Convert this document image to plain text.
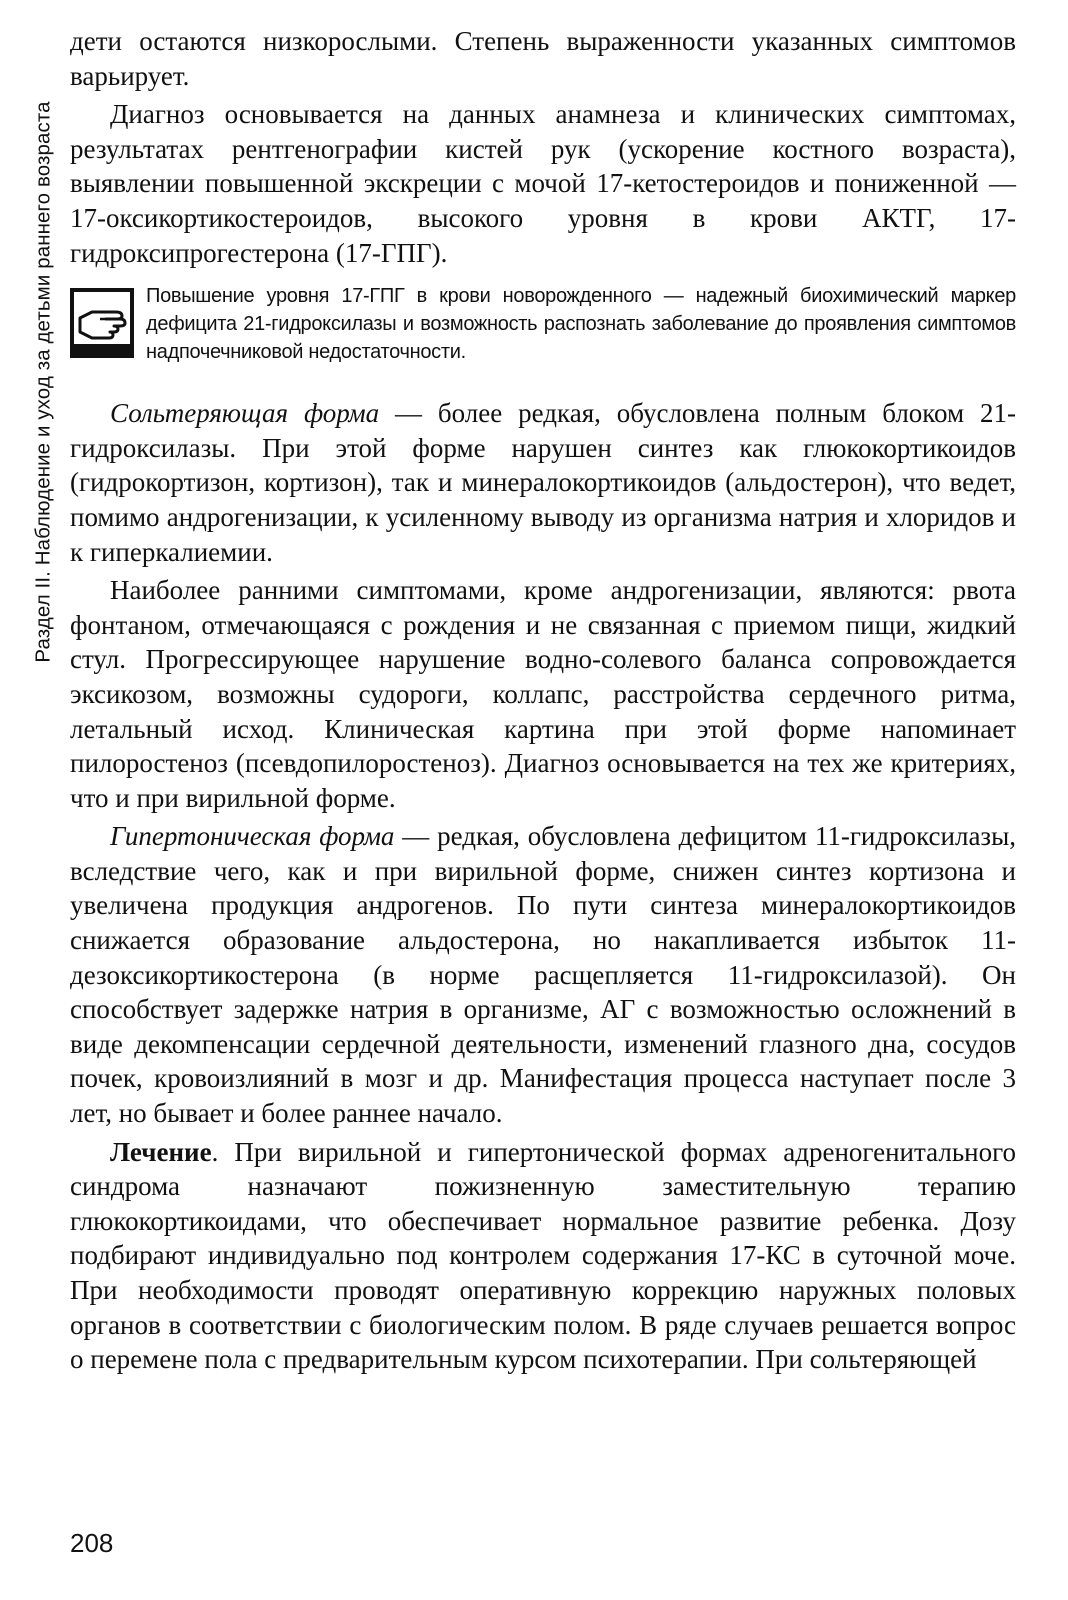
Раздел II. Наблюдение и уход за детьми раннего возраста

дети остаются низкорослыми. Степень выраженности указанных симптомов варьирует.

Диагноз основывается на данных анамнеза и клинических симптомах, результатах рентгенографии кистей рук (ускорение костного возраста), выявлении повышенной экскреции с мочой 17-кетостероидов и пониженной — 17-оксикортикостероидов, высокого уровня в крови АКТГ, 17-гидроксипрогестерона (17-ГПГ).

Повышение уровня 17-ГПГ в крови новорожденного — надежный биохимический маркер дефицита 21-гидроксилазы и возможность распознать заболевание до проявления симптомов надпочечниковой недостаточности.

Сольтеряющая форма — более редкая, обусловлена полным блоком 21-гидроксилазы. При этой форме нарушен синтез как глюкокортикоидов (гидрокортизон, кортизон), так и минералокортикоидов (альдостерон), что ведет, помимо андрогенизации, к усиленному выводу из организма натрия и хлоридов и к гиперкалиемии.

Наиболее ранними симптомами, кроме андрогенизации, являются: рвота фонтаном, отмечающаяся с рождения и не связанная с приемом пищи, жидкий стул. Прогрессирующее нарушение водно-солевого баланса сопровождается эксикозом, возможны судороги, коллапс, расстройства сердечного ритма, летальный исход. Клиническая картина при этой форме напоминает пилоростеноз (псевдопилоростеноз). Диагноз основывается на тех же критериях, что и при вирильной форме.

Гипертоническая форма — редкая, обусловлена дефицитом 11-гидроксилазы, вследствие чего, как и при вирильной форме, снижен синтез кортизона и увеличена продукция андрогенов. По пути синтеза минералокортикоидов снижается образование альдостерона, но накапливается избыток 11-дезоксикортикостерона (в норме расщепляется 11-гидроксилазой). Он способствует задержке натрия в организме, АГ с возможностью осложнений в виде декомпенсации сердечной деятельности, изменений глазного дна, сосудов почек, кровоизлияний в мозг и др. Манифестация процесса наступает после 3 лет, но бывает и более раннее начало.

Лечение. При вирильной и гипертонической формах адреногенитального синдрома назначают пожизненную заместительную терапию глюкокортикоидами, что обеспечивает нормальное развитие ребенка. Дозу подбирают индивидуально под контролем содержания 17-КС в суточной моче. При необходимости проводят оперативную коррекцию наружных половых органов в соответствии с биологическим полом. В ряде случаев решается вопрос о перемене пола с предварительным курсом психотерапии. При сольтеряющей

208
